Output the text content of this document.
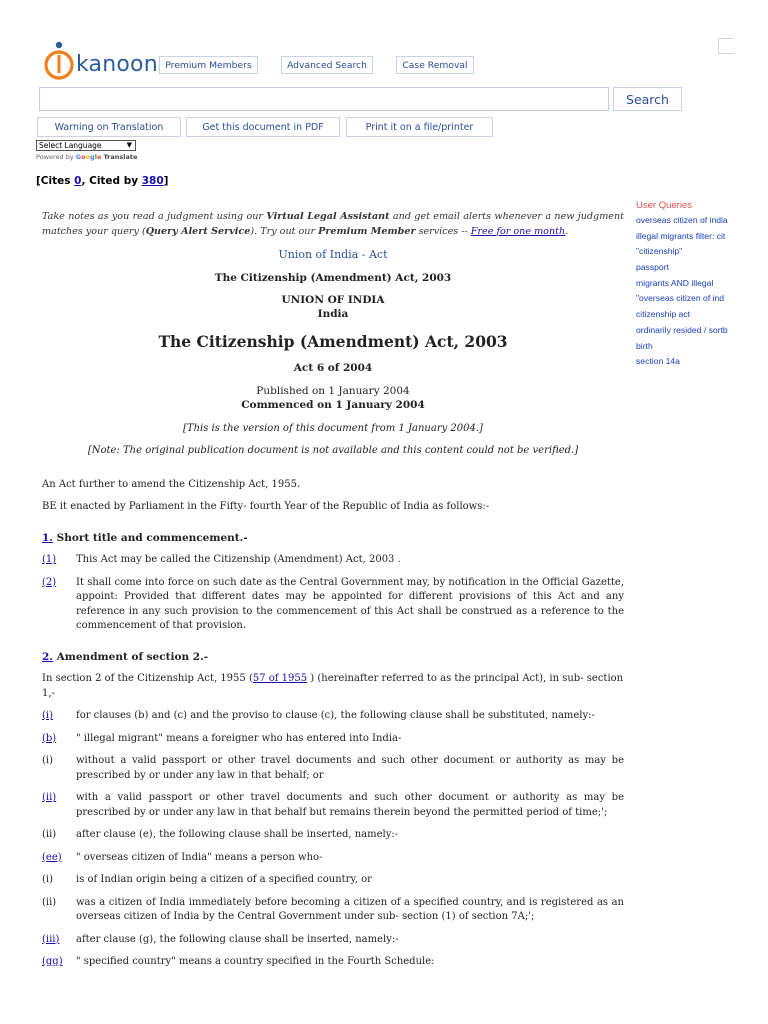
kanoon Premium Members	Advanced Search	Case Removal
Search
Warning on Translation	Get this document in PDF	Print it on a file/printer
Select Language	▼
Powered by Google Translate
[Cites 0, Cited by 380]
User Queries
overseas citizen of india
illegal migrants filter: cit
"citizenship"
passport
migrants AND illegal
"overseas citizen of ind
citizenship act
ordinarily resided / sortb
birth
section 14a

Take notes as you read a judgment using our Virtual Legal Assistant and get email alerts whenever a new judgment matches your query (Query Alert Service). Try out our Premium Member services -- Free for one month.

Union of India - Act
The Citizenship (Amendment) Act, 2003
UNION OF INDIA
India
The Citizenship (Amendment) Act, 2003
Act 6 of 2004
Published on 1 January 2004
Commenced on 1 January 2004
[This is the version of this document from 1 January 2004.]
[Note: The original publication document is not available and this content could not be verified.]

An Act further to amend the Citizenship Act, 1955.

BE it enacted by Parliament in the Fifty- fourth Year of the Republic of India as follows:-

1. Short title and commencement.-

(1)	This Act may be called the Citizenship (Amendment) Act, 2003 .
(2)	It shall come into force on such date as the Central Government may, by notification in the Official Gazette, appoint: Provided that different dates may be appointed for different provisions of this Act and any reference in any such provision to the commencement of this Act shall be construed as a reference to the commencement of that provision.

2. Amendment of section 2.-

In section 2 of the Citizenship Act, 1955 (57 of 1955 ) (hereinafter referred to as the principal Act), in sub- section 1,-

(i)	for clauses (b) and (c) and the proviso to clause (c), the following clause shall be substituted, namely:-
(b)	" illegal migrant" means a foreigner who has entered into India-
(i)	without a valid passport or other travel documents and such other document or authority as may be prescribed by or under any law in that behalf; or
(ii)	with a valid passport or other travel documents and such other document or authority as may be prescribed by or under any law in that behalf but remains therein beyond the permitted period of time;';
(ii)	after clause (e), the following clause shall be inserted, namely:-
(ee)	" overseas citizen of India" means a person who-
(i)	is of Indian origin being a citizen of a specified country, or
(ii)	was a citizen of India immediately before becoming a citizen of a specified country, and is registered as an overseas citizen of India by the Central Government under sub- section (1) of section 7A;';
(iii)	after clause (g), the following clause shall be inserted, namely:-
(gg)	" specified country" means a country specified in the Fourth Schedule:
